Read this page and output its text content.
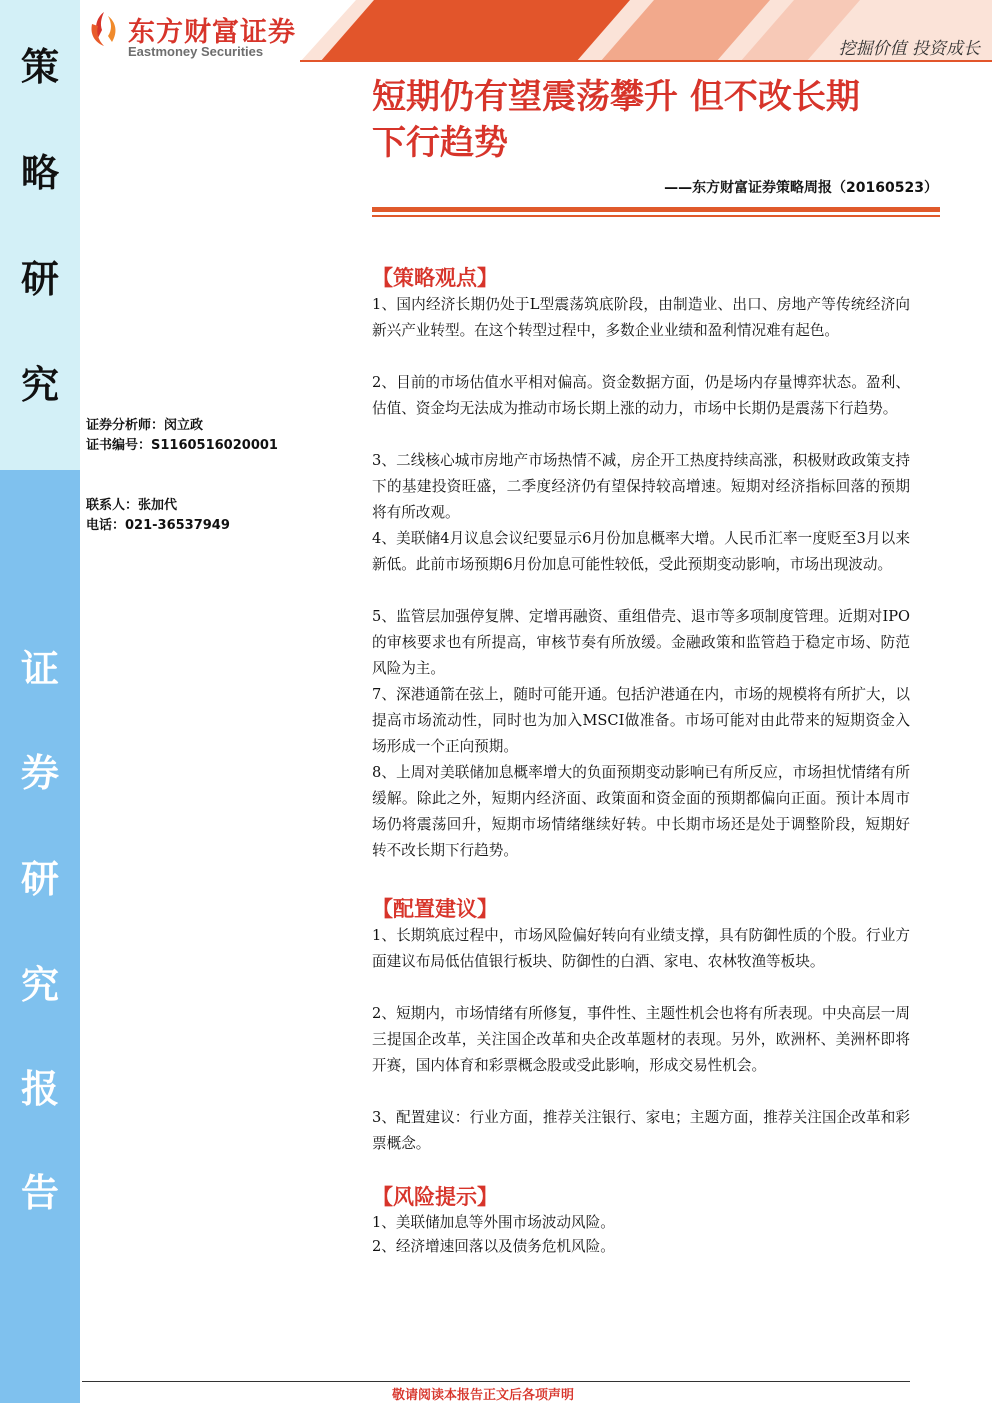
策
略
研
究
证
券
研
究
报
告
东方财富证券
Eastmoney Securities	挖掘价值 投资成长
短期仍有望震荡攀升 但不改长期
下行趋势
——东方财富证券策略周报（20160523）
证券分析师：闵立政
证书编号：S1160516020001
联系人：张加代
电话：021-36537949
【策略观点】
1、国内经济长期仍处于L型震荡筑底阶段，由制造业、出口、房地产等传统经济向新兴产业转型。在这个转型过程中，多数企业业绩和盈利情况难有起色。
2、目前的市场估值水平相对偏高。资金数据方面，仍是场内存量博弈状态。盈利、估值、资金均无法成为推动市场长期上涨的动力，市场中长期仍是震荡下行趋势。
3、二线核心城市房地产市场热情不减，房企开工热度持续高涨，积极财政政策支持下的基建投资旺盛，二季度经济仍有望保持较高增速。短期对经济指标回落的预期将有所改观。
4、美联储4月议息会议纪要显示6月份加息概率大增。人民币汇率一度贬至3月以来新低。此前市场预期6月份加息可能性较低，受此预期变动影响，市场出现波动。
5、监管层加强停复牌、定增再融资、重组借壳、退市等多项制度管理。近期对IPO的审核要求也有所提高，审核节奏有所放缓。金融政策和监管趋于稳定市场、防范风险为主。
7、深港通箭在弦上，随时可能开通。包括沪港通在内，市场的规模将有所扩大，以提高市场流动性，同时也为加入MSCI做准备。市场可能对由此带来的短期资金入场形成一个正向预期。
8、上周对美联储加息概率增大的负面预期变动影响已有所反应，市场担忧情绪有所缓解。除此之外，短期内经济面、政策面和资金面的预期都偏向正面。预计本周市场仍将震荡回升，短期市场情绪继续好转。中长期市场还是处于调整阶段，短期好转不改长期下行趋势。
【配置建议】
1、长期筑底过程中，市场风险偏好转向有业绩支撑，具有防御性质的个股。行业方面建议布局低估值银行板块、防御性的白酒、家电、农林牧渔等板块。
2、短期内，市场情绪有所修复，事件性、主题性机会也将有所表现。中央高层一周三提国企改革，关注国企改革和央企改革题材的表现。另外，欧洲杯、美洲杯即将开赛，国内体育和彩票概念股或受此影响，形成交易性机会。
3、配置建议：行业方面，推荐关注银行、家电；主题方面，推荐关注国企改革和彩票概念。
【风险提示】
1、美联储加息等外围市场波动风险。
2、经济增速回落以及债务危机风险。
敬请阅读本报告正文后各项声明
